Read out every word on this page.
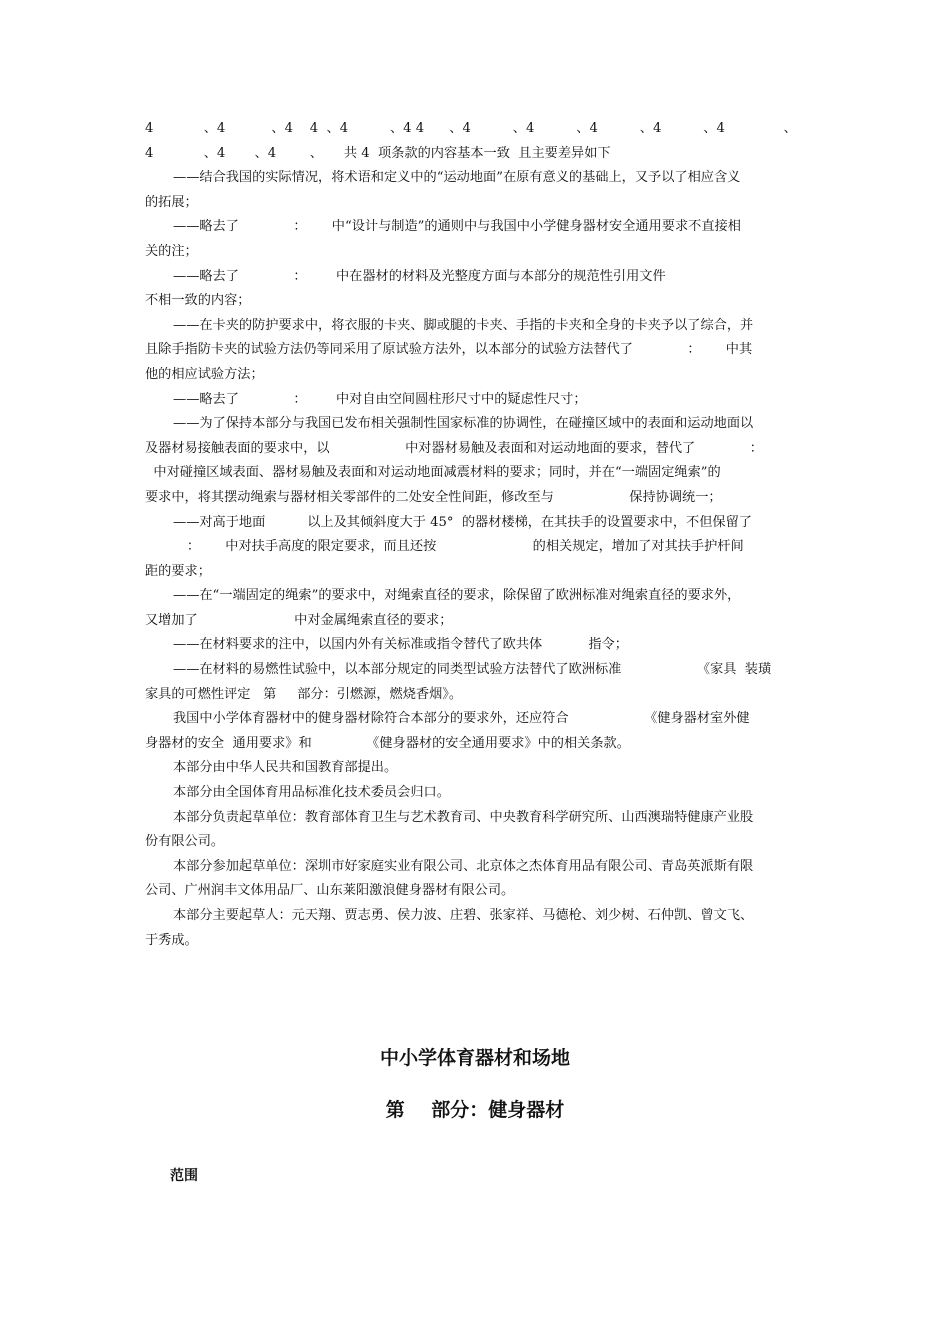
4            、4           、4    4  、4          、4 4      、4          、4          、4          、4          、4              、
4            、4       、4        、     共 4  项条款的内容基本一致  且主要差异如下
——结合我国的实际情况，将术语和定义中的“运动地面”在原有意义的基础上，又予以了相应含义
的拓展；
——略去了             ：      中“设计与制造”的通则中与我国中小学健身器材安全通用要求不直接相
关的注；
——略去了             ：       中在器材的材料及光整度方面与本部分的规范性引用文件
不相一致的内容；
——在卡夹的防护要求中，将衣服的卡夹、脚或腿的卡夹、手指的卡夹和全身的卡夹予以了综合，并
且除手指防卡夹的试验方法仍等同采用了原试验方法外，以本部分的试验方法替代了             ：      中其
他的相应试验方法；
——略去了             ：       中对自由空间圆柱形尺寸中的疑虑性尺寸；
——为了保持本部分与我国已发布相关强制性国家标准的协调性，在碰撞区域中的表面和运动地面以
及器材易接触表面的要求中，以                  中对器材易触及表面和对运动地面的要求，替代了             ：
中对碰撞区域表面、器材易触及表面和对运动地面减震材料的要求；同时，并在“一端固定绳索”的
要求中，将其摆动绳索与器材相关零部件的二处安全性间距，修改至与                  保持协调统一；
——对高于地面          以上及其倾斜度大于 45°  的器材楼梯，在其扶手的设置要求中，不但保留了
：      中对扶手高度的限定要求，而且还按                       的相关规定，增加了对其扶手护杆间
距的要求；
——在“一端固定的绳索”的要求中，对绳索直径的要求，除保留了欧洲标准对绳索直径的要求外，
又增加了                       中对金属绳索直径的要求；
——在材料要求的注中，以国内外有关标准或指令替代了欧共体           指令；
——在材料的易燃性试验中，以本部分规定的同类型试验方法替代了欧洲标准                  《家具  装璜
家具的可燃性评定   第     部分：引燃源，燃烧香烟》。
我国中小学体育器材中的健身器材除符合本部分的要求外，还应符合                  《健身器材室外健
身器材的安全  通用要求》和             《健身器材的安全通用要求》中的相关条款。
本部分由中华人民共和国教育部提出。
本部分由全国体育用品标准化技术委员会归口。
本部分负责起草单位：教育部体育卫生与艺术教育司、中央教育科学研究所、山西澳瑞特健康产业股
份有限公司。
本部分参加起草单位：深圳市好家庭实业有限公司、北京体之杰体育用品有限公司、青岛英派斯有限
公司、广州润丰文体用品厂、山东莱阳激浪健身器材有限公司。
本部分主要起草人：元天翔、贾志勇、侯力波、庄碧、张家祥、马德枪、刘少树、石仲凯、曾文飞、
于秀成。
中小学体育器材和场地
第    部分：健身器材
范围
